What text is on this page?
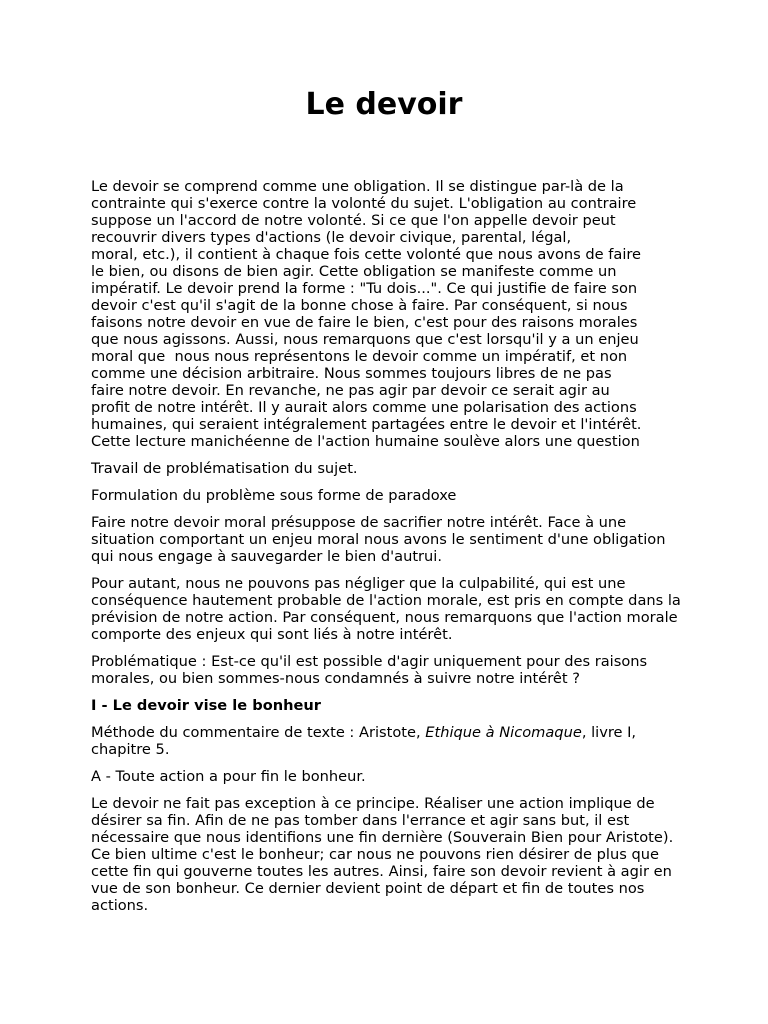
Le devoir

Le devoir se comprend comme une obligation. Il se distingue par-là de la
contrainte qui s'exerce contre la volonté du sujet. L'obligation au contraire
suppose un l'accord de notre volonté. Si ce que l'on appelle devoir peut
recouvrir divers types d'actions (le devoir civique, parental, légal,
moral, etc.), il contient à chaque fois cette volonté que nous avons de faire
le bien, ou disons de bien agir. Cette obligation se manifeste comme un
impératif. Le devoir prend la forme : "Tu dois...". Ce qui justifie de faire son
devoir c'est qu'il s'agit de la bonne chose à faire. Par conséquent, si nous
faisons notre devoir en vue de faire le bien, c'est pour des raisons morales
que nous agissons. Aussi, nous remarquons que c'est lorsqu'il y a un enjeu
moral que  nous nous représentons le devoir comme un impératif, et non
comme une décision arbitraire. Nous sommes toujours libres de ne pas
faire notre devoir. En revanche, ne pas agir par devoir ce serait agir au
profit de notre intérêt. Il y aurait alors comme une polarisation des actions
humaines, qui seraient intégralement partagées entre le devoir et l'intérêt.
Cette lecture manichéenne de l'action humaine soulève alors une question

Travail de problématisation du sujet.

Formulation du problème sous forme de paradoxe

Faire notre devoir moral présuppose de sacrifier notre intérêt. Face à une situation comportant un enjeu moral nous avons le sentiment d'une obligation qui nous engage à sauvegarder le bien d'autrui.

Pour autant, nous ne pouvons pas négliger que la culpabilité, qui est une conséquence hautement probable de l'action morale, est pris en compte dans la prévision de notre action. Par conséquent, nous remarquons que l'action morale comporte des enjeux qui sont liés à notre intérêt.

Problématique : Est-ce qu'il est possible d'agir uniquement pour des raisons morales, ou bien sommes-nous condamnés à suivre notre intérêt ?

I - Le devoir vise le bonheur

Méthode du commentaire de texte : Aristote, Ethique à Nicomaque, livre I, chapitre 5.

A - Toute action a pour fin le bonheur.

Le devoir ne fait pas exception à ce principe. Réaliser une action implique de désirer sa fin. Afin de ne pas tomber dans l'errance et agir sans but, il est nécessaire que nous identifions une fin dernière (Souverain Bien pour Aristote). Ce bien ultime c'est le bonheur; car nous ne pouvons rien désirer de plus que cette fin qui gouverne toutes les autres. Ainsi, faire son devoir revient à agir en vue de son bonheur. Ce dernier devient point de départ et fin de toutes nos actions.
